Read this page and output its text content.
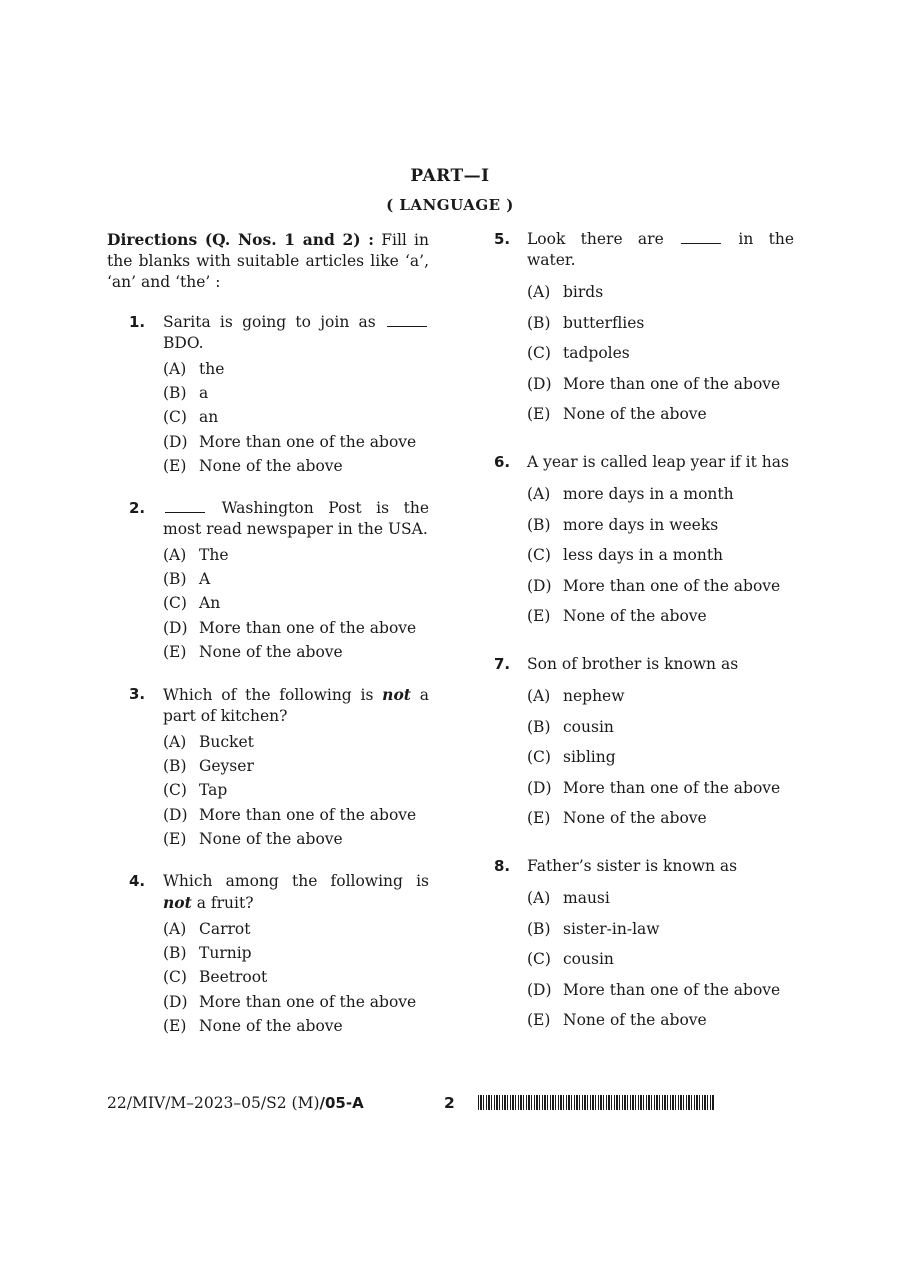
PART—I
( LANGUAGE )
Directions (Q. Nos. 1 and 2) : Fill in the blanks with suitable articles like ‘a’, ‘an’ and ‘the’ :
1.	Sarita is going to join as  BDO.
(A) the
(B) a
(C) an
(D) More than one of the above
(E) None of the above
2.	Washington Post is the most read newspaper in the USA.
(A) The
(B) A
(C) An
(D) More than one of the above
(E) None of the above
3.	Which of the following is not a part of kitchen?
(A) Bucket
(B) Geyser
(C) Tap
(D) More than one of the above
(E) None of the above
4.	Which among the following is not a fruit?
(A) Carrot
(B) Turnip
(C) Beetroot
(D) More than one of the above
(E) None of the above
5.	Look there are	in the water.
(A) birds
(B) butterflies
(C) tadpoles
(D) More than one of the above
(E) None of the above
6.	A year is called leap year if it has
(A) more days in a month
(B) more days in weeks
(C) less days in a month
(D) More than one of the above
(E) None of the above
7.	Son of brother is known as
(A) nephew
(B) cousin
(C) sibling
(D) More than one of the above
(E) None of the above
8.	Father’s sister is known as
(A) mausi
(B) sister-in-law
(C) cousin
(D) More than one of the above
(E) None of the above
22/MIV/M–2023–05/S2 (M)/05-A	2
